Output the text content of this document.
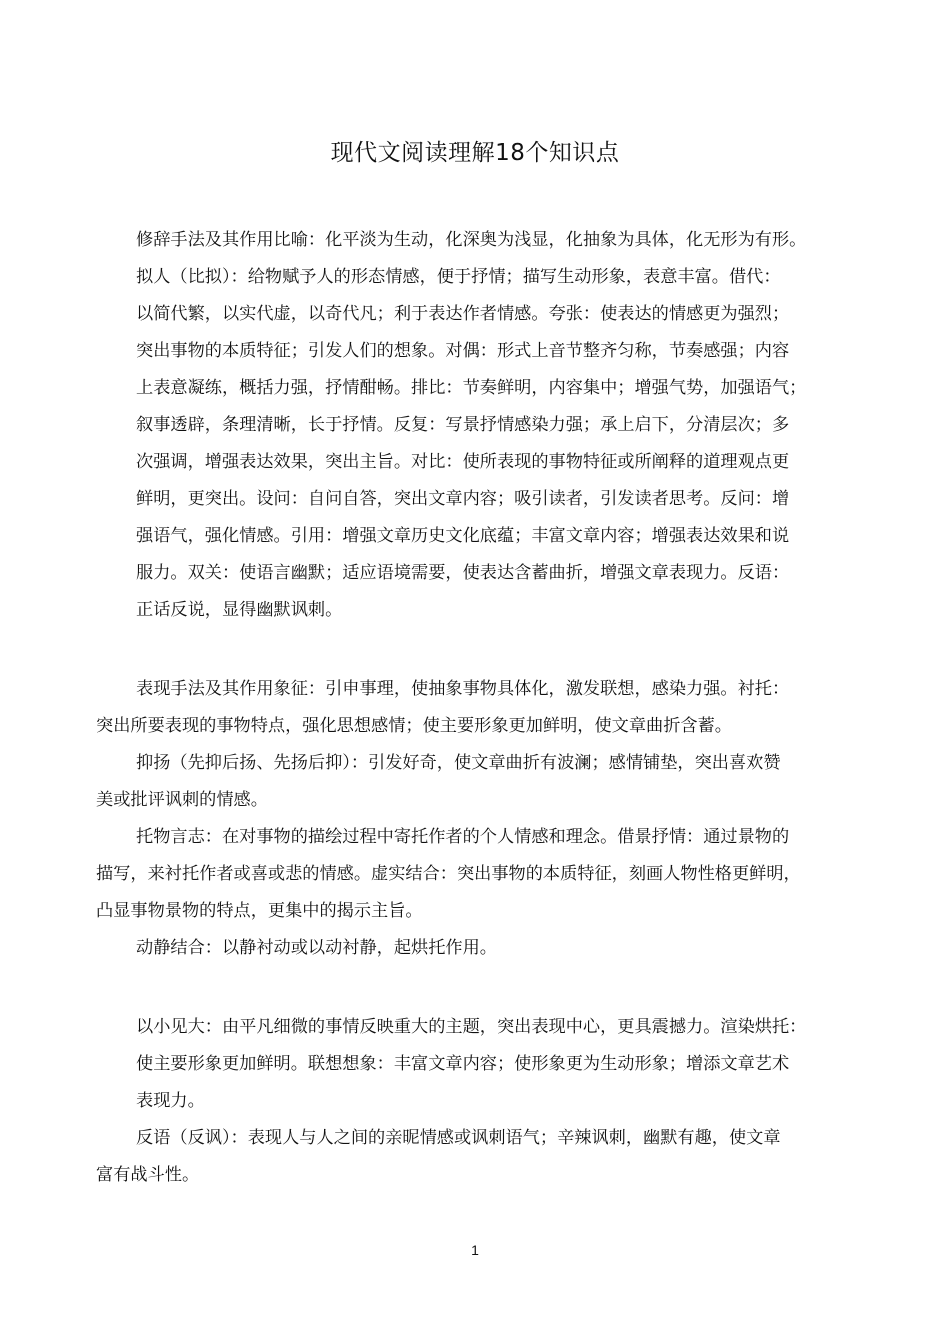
现代文阅读理解18个知识点
修辞手法及其作用比喻：化平淡为生动，化深奥为浅显，化抽象为具体，化无形为有形。
拟人（比拟）：给物赋予人的形态情感，便于抒情；描写生动形象，表意丰富。借代：
以简代繁，以实代虚，以奇代凡；利于表达作者情感。夸张：使表达的情感更为强烈；
突出事物的本质特征；引发人们的想象。对偶：形式上音节整齐匀称，节奏感强；内容
上表意凝练，概括力强，抒情酣畅。排比：节奏鲜明，内容集中；增强气势，加强语气；
叙事透辟，条理清晰，长于抒情。反复：写景抒情感染力强；承上启下，分清层次；多
次强调，增强表达效果，突出主旨。对比：使所表现的事物特征或所阐释的道理观点更
鲜明，更突出。设问：自问自答，突出文章内容；吸引读者，引发读者思考。反问：增
强语气，强化情感。引用：增强文章历史文化底蕴；丰富文章内容；增强表达效果和说
服力。双关：使语言幽默；适应语境需要，使表达含蓄曲折，增强文章表现力。反语：
正话反说，显得幽默讽刺。
表现手法及其作用象征：引申事理，使抽象事物具体化，激发联想，感染力强。衬托：
突出所要表现的事物特点，强化思想感情；使主要形象更加鲜明，使文章曲折含蓄。
抑扬（先抑后扬、先扬后抑）：引发好奇，使文章曲折有波澜；感情铺垫，突出喜欢赞
美或批评讽刺的情感。
托物言志：在对事物的描绘过程中寄托作者的个人情感和理念。借景抒情：通过景物的
描写，来衬托作者或喜或悲的情感。虚实结合：突出事物的本质特征，刻画人物性格更鲜明，
凸显事物景物的特点，更集中的揭示主旨。
动静结合：以静衬动或以动衬静，起烘托作用。
以小见大：由平凡细微的事情反映重大的主题，突出表现中心，更具震撼力。渲染烘托：
使主要形象更加鲜明。联想想象：丰富文章内容；使形象更为生动形象；增添文章艺术
表现力。
反语（反讽）：表现人与人之间的亲昵情感或讽刺语气；辛辣讽刺，幽默有趣，使文章
富有战斗性。
1
